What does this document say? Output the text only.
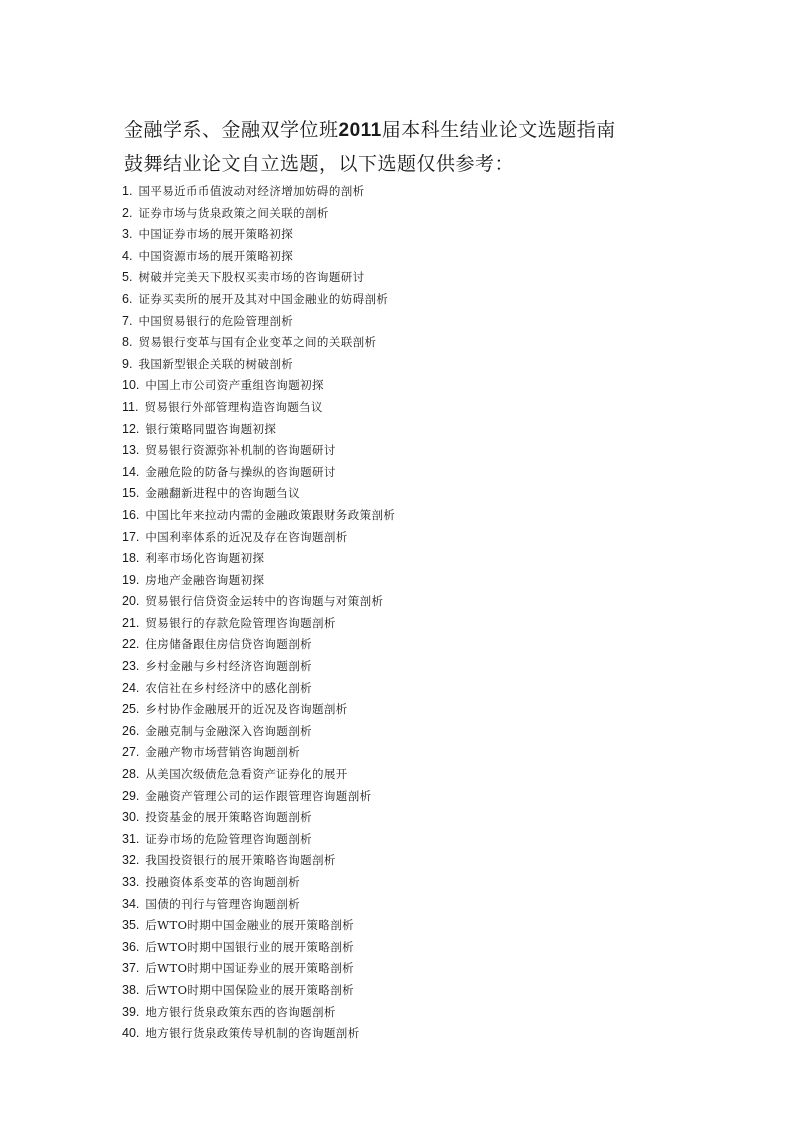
金融学系、金融双学位班2011届本科生结业论文选题指南
鼓舞结业论文自立选题，以下选题仅供参考：
1. 国平易近币币值波动对经济增加妨碍的剖析
2. 证券市场与货泉政策之间关联的剖析
3. 中国证券市场的展开策略初探
4. 中国资源市场的展开策略初探
5. 树破并完美天下股权买卖市场的咨询题研讨
6. 证券买卖所的展开及其对中国金融业的妨碍剖析
7. 中国贸易银行的危险管理剖析
8. 贸易银行变革与国有企业变革之间的关联剖析
9. 我国新型银企关联的树破剖析
10. 中国上市公司资产重组咨询题初探
11. 贸易银行外部管理构造咨询题刍议
12. 银行策略同盟咨询题初探
13. 贸易银行资源弥补机制的咨询题研讨
14. 金融危险的防备与操纵的咨询题研讨
15. 金融翻新进程中的咨询题刍议
16. 中国比年来拉动内需的金融政策跟财务政策剖析
17. 中国利率体系的近况及存在咨询题剖析
18. 利率市场化咨询题初探
19. 房地产金融咨询题初探
20. 贸易银行信贷资金运转中的咨询题与对策剖析
21. 贸易银行的存款危险管理咨询题剖析
22. 住房储备跟住房信贷咨询题剖析
23. 乡村金融与乡村经济咨询题剖析
24. 农信社在乡村经济中的感化剖析
25. 乡村协作金融展开的近况及咨询题剖析
26. 金融克制与金融深入咨询题剖析
27. 金融产物市场营销咨询题剖析
28. 从美国次级债危急看资产证券化的展开
29. 金融资产管理公司的运作跟管理咨询题剖析
30. 投资基金的展开策略咨询题剖析
31. 证券市场的危险管理咨询题剖析
32. 我国投资银行的展开策略咨询题剖析
33. 投融资体系变革的咨询题剖析
34. 国债的刊行与管理咨询题剖析
35. 后WTO时期中国金融业的展开策略剖析
36. 后WTO时期中国银行业的展开策略剖析
37. 后WTO时期中国证券业的展开策略剖析
38. 后WTO时期中国保险业的展开策略剖析
39. 地方银行货泉政策东西的咨询题剖析
40. 地方银行货泉政策传导机制的咨询题剖析
